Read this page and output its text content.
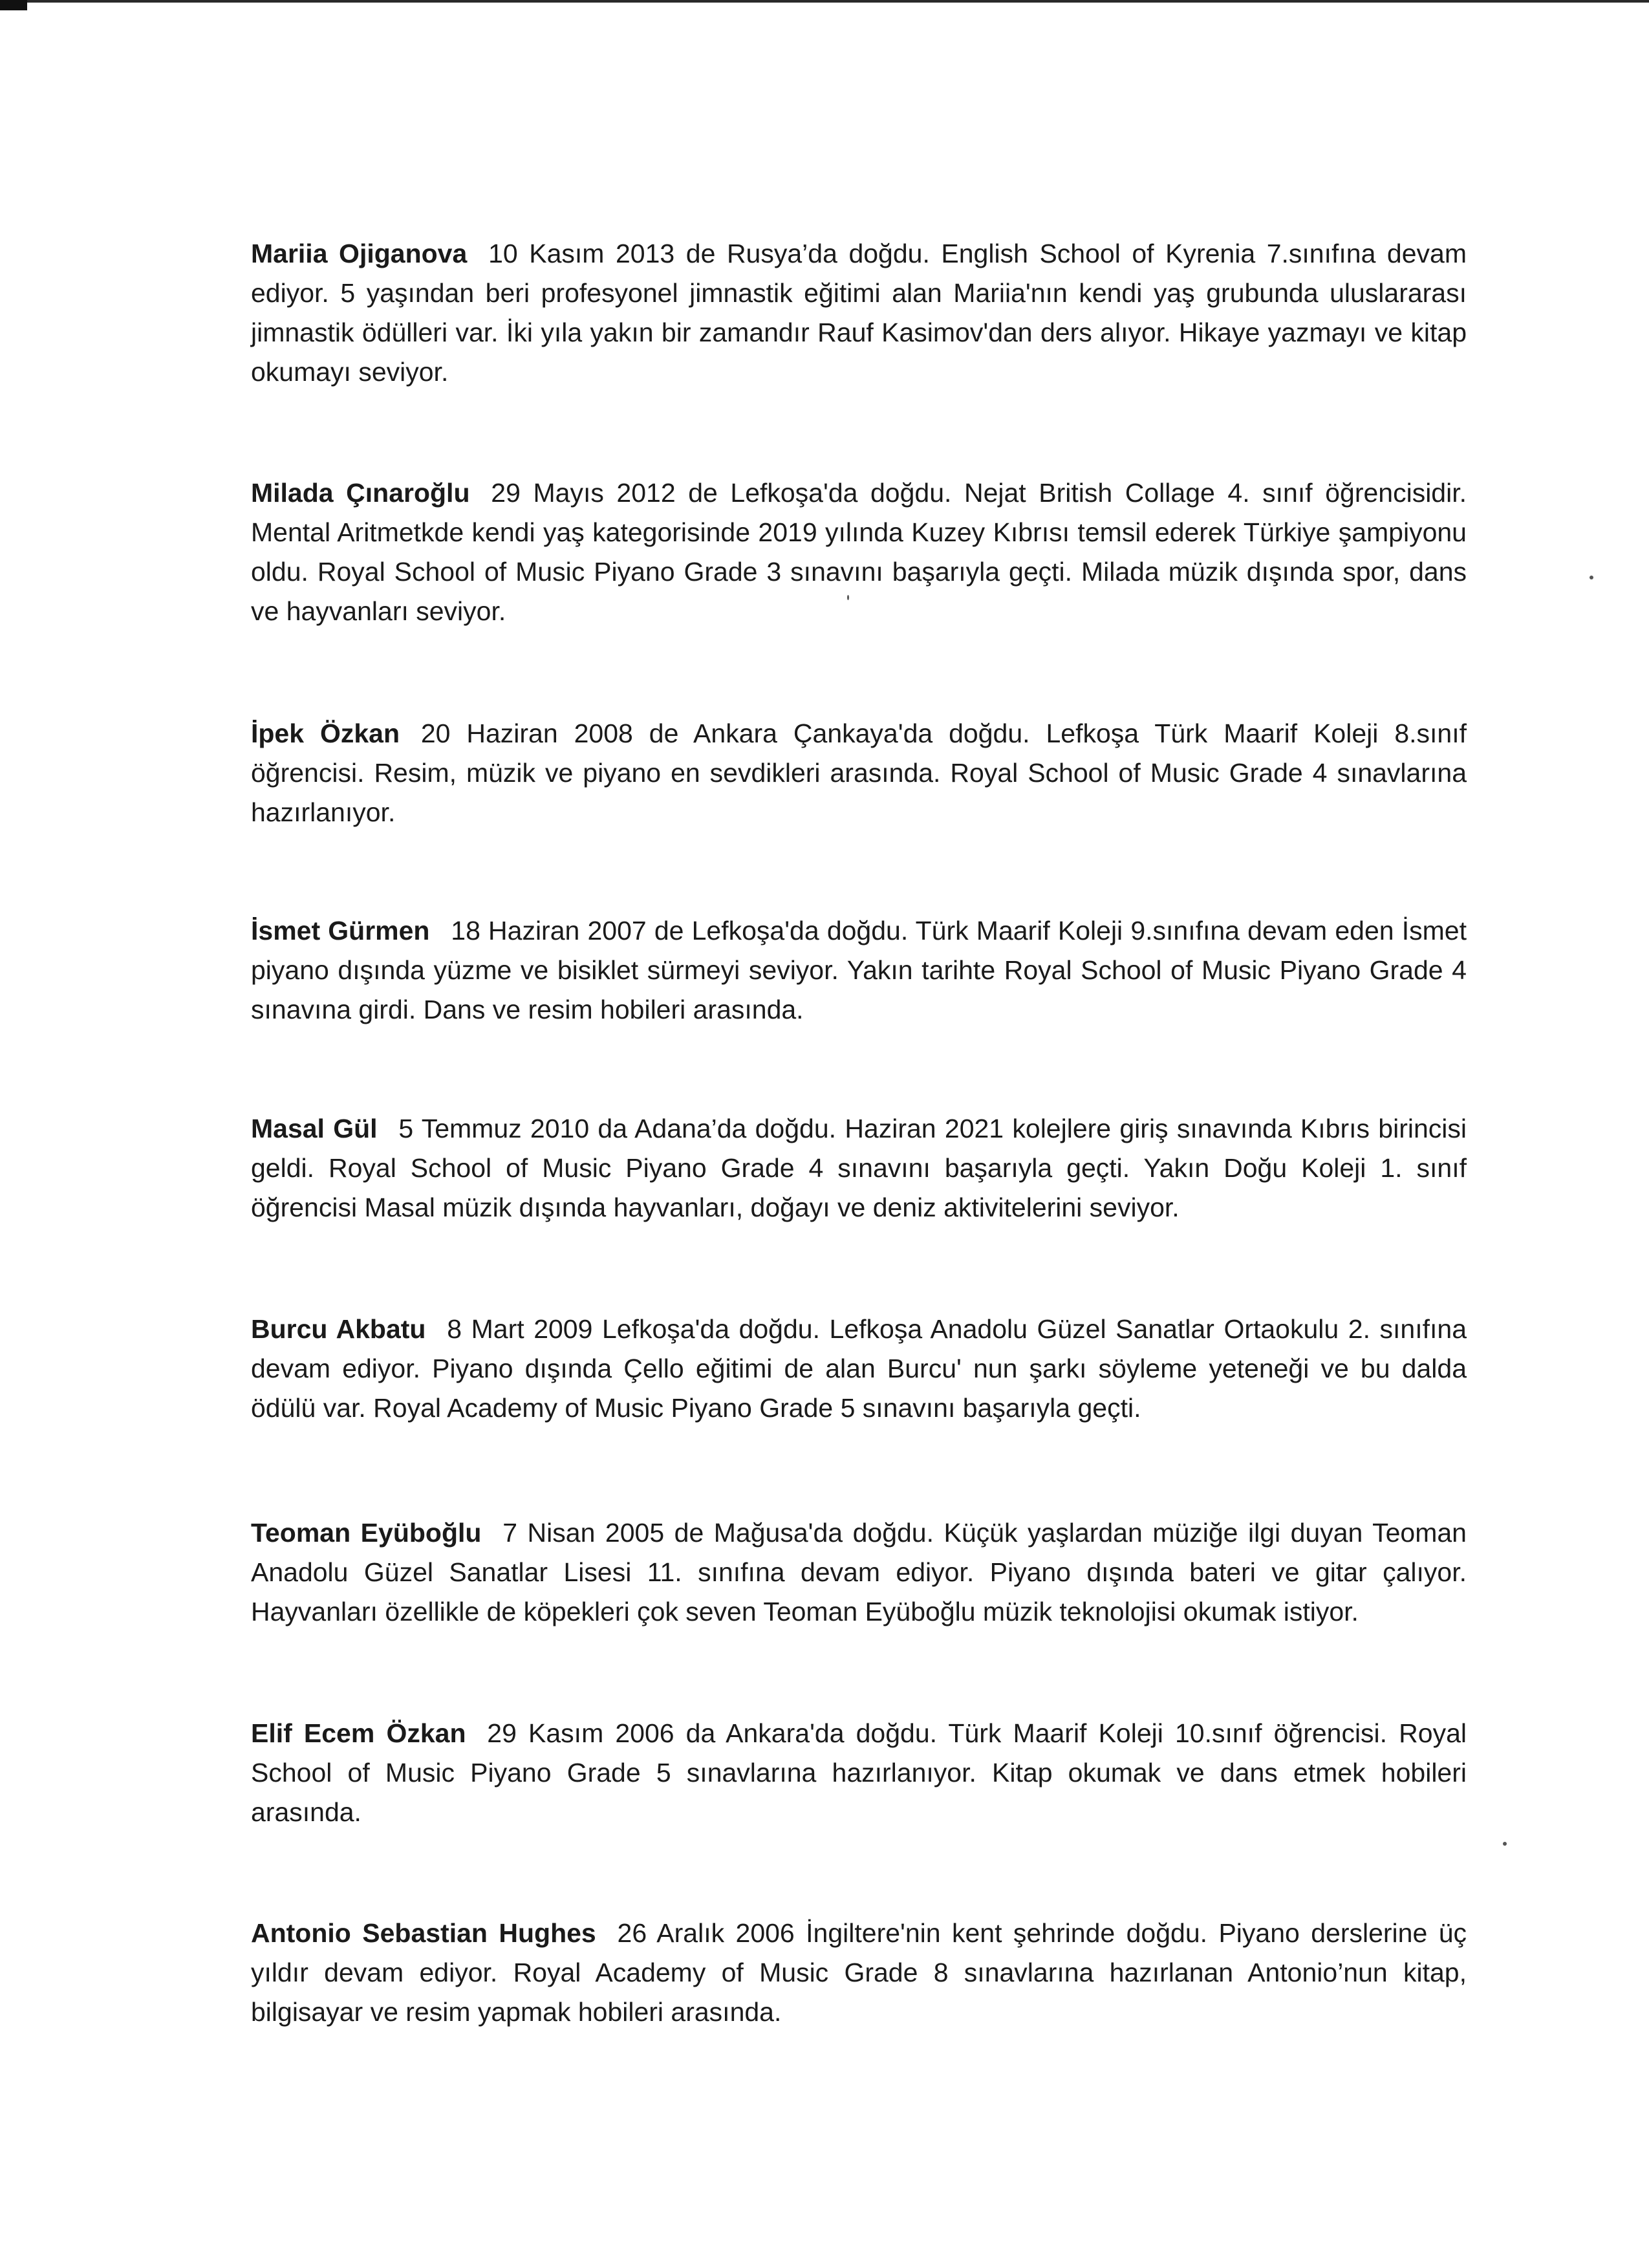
Mariia Ojiganova 10 Kasım 2013 de Rusya’da doğdu. English School of Kyrenia 7.sınıfına devam ediyor. 5 yaşından beri profesyonel jimnastik eğitimi alan Mariia'nın kendi yaş grubunda uluslararası jimnastik ödülleri var. İki yıla yakın bir zamandır Rauf Kasimov'dan ders alıyor. Hikaye yazmayı ve kitap okumayı seviyor.

Milada Çınaroğlu 29 Mayıs 2012 de Lefkoşa'da doğdu. Nejat British Collage 4. sınıf öğrencisidir. Mental Aritmetkde kendi yaş kategorisinde 2019 yılında Kuzey Kıbrısı temsil ederek Türkiye şampiyonu oldu. Royal School of Music Piyano Grade 3 sınavını başarıyla geçti. Milada müzik dışında spor, dans ve hayvanları seviyor.

İpek Özkan 20 Haziran 2008 de Ankara Çankaya'da doğdu. Lefkoşa Türk Maarif Koleji 8.sınıf öğrencisi. Resim, müzik ve piyano en sevdikleri arasında. Royal School of Music Grade 4 sınavlarına hazırlanıyor.

İsmet Gürmen 18 Haziran 2007 de Lefkoşa'da doğdu. Türk Maarif Koleji 9.sınıfına devam eden İsmet piyano dışında yüzme ve bisiklet sürmeyi seviyor. Yakın tarihte Royal School of Music Piyano Grade 4 sınavına girdi. Dans ve resim hobileri arasında.

Masal Gül 5 Temmuz 2010 da Adana’da doğdu. Haziran 2021 kolejlere giriş sınavında Kıbrıs birincisi geldi. Royal School of Music Piyano Grade 4 sınavını başarıyla geçti. Yakın Doğu Koleji 1. sınıf öğrencisi Masal müzik dışında hayvanları, doğayı ve deniz aktivitelerini seviyor.

Burcu Akbatu 8 Mart 2009 Lefkoşa'da doğdu. Lefkoşa Anadolu Güzel Sanatlar Ortaokulu 2. sınıfına devam ediyor. Piyano dışında Çello eğitimi de alan Burcu' nun şarkı söyleme yeteneği ve bu dalda ödülü var. Royal Academy of Music Piyano Grade 5 sınavını başarıyla geçti.

Teoman Eyüboğlu 7 Nisan 2005 de Mağusa'da doğdu. Küçük yaşlardan müziğe ilgi duyan Teoman Anadolu Güzel Sanatlar Lisesi 11. sınıfına devam ediyor. Piyano dışında bateri ve gitar çalıyor. Hayvanları özellikle de köpekleri çok seven Teoman Eyüboğlu müzik teknolojisi okumak istiyor.

Elif Ecem Özkan 29 Kasım 2006 da Ankara'da doğdu. Türk Maarif Koleji 10.sınıf öğrencisi. Royal School of Music Piyano Grade 5 sınavlarına hazırlanıyor. Kitap okumak ve dans etmek hobileri arasında.

Antonio Sebastian Hughes 26 Aralık 2006 İngiltere'nin kent şehrinde doğdu. Piyano derslerine üç yıldır devam ediyor. Royal Academy of Music Grade 8 sınavlarına hazırlanan Antonio’nun kitap, bilgisayar ve resim yapmak hobileri arasında.
